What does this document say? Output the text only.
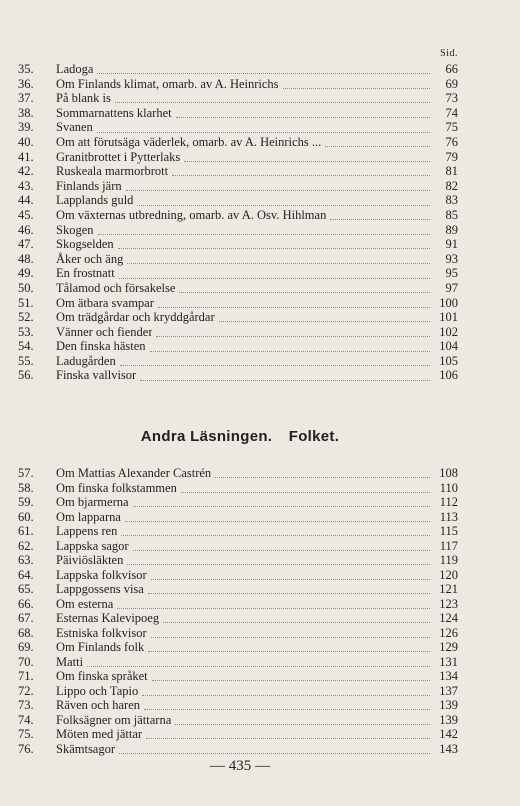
Sid.
35.	Ladoga	66
36.	Om Finlands klimat, omarb. av A. Heinrichs	69
37.	På blank is	73
38.	Sommarnattens klarhet	74
39.	Svanen	75
40.	Om att förutsäga väderlek, omarb. av A. Heinrichs ...	76
41.	Granitbrottet i Pytterlaks	79
42.	Ruskeala marmorbrott	81
43.	Finlands järn	82
44.	Lapplands guld	83
45.	Om växternas utbredning, omarb. av A. Osv. Hihlman	85
46.	Skogen	89
47.	Skogselden	91
48.	Åker och äng	93
49.	En frostnatt	95
50.	Tålamod och försakelse	97
51.	Om ätbara svampar	100
52.	Om trädgårdar och kryddgårdar	101
53.	Vänner och fiender	102
54.	Den finska hästen	104
55.	Ladugården	105
56.	Finska vallvisor	106
Andra Läsningen. Folket.
57.	Om Mattias Alexander Castrén	108
58.	Om finska folkstammen	110
59.	Om bjarmerna	112
60.	Om lapparna	113
61.	Lappens ren	115
62.	Lappska sagor	117
63.	Päiviösläkten	119
64.	Lappska folkvisor	120
65.	Lappgossens visa	121
66.	Om esterna	123
67.	Esternas Kalevipoeg	124
68.	Estniska folkvisor	126
69.	Om Finlands folk	129
70.	Matti	131
71.	Om finska språket	134
72.	Lippo och Tapio	137
73.	Räven och haren	139
74.	Folksägner om jättarna	139
75.	Möten med jättar	142
76.	Skämtsagor	143
— 435 —
